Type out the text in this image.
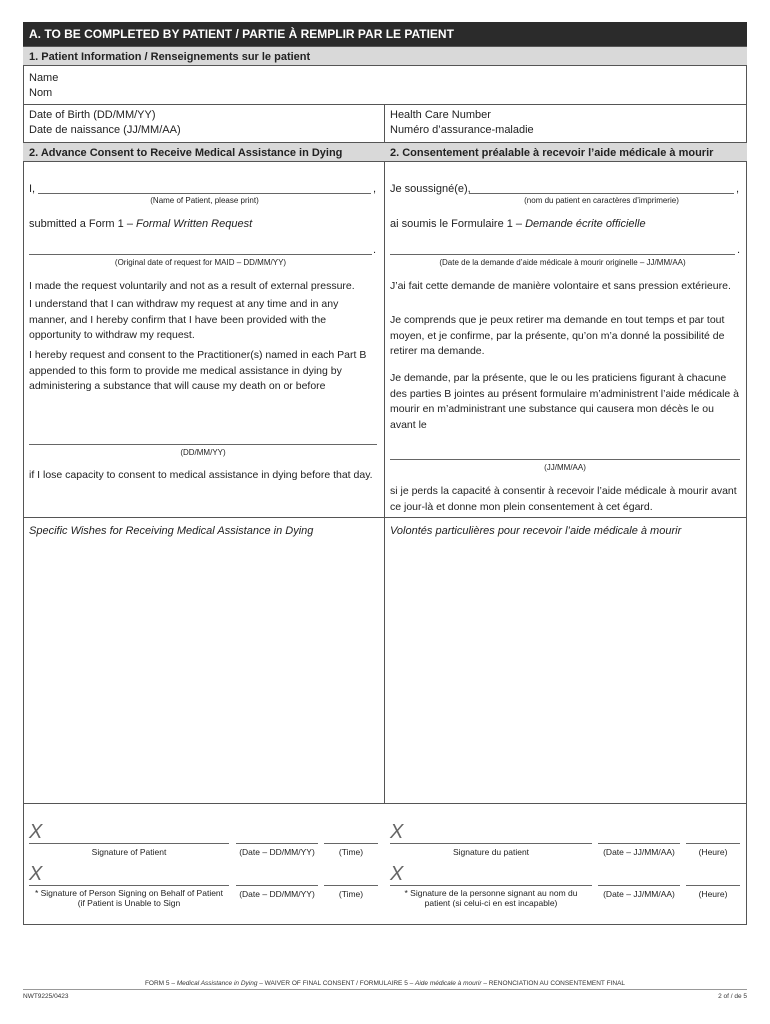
A. TO BE COMPLETED BY PATIENT / PARTIE À REMPLIR PAR LE PATIENT
1. Patient Information / Renseignements sur le patient
Name
Nom
Date of Birth (DD/MM/YY)
Date de naissance (JJ/MM/AA)
Health Care Number
Numéro d’assurance-maladie
2. Advance Consent to Receive Medical Assistance in Dying	2. Consentement préalable à recevoir l’aide médicale à mourir
I,	,
(Name of Patient, please print)
Je soussigné(e),	,
(nom du patient en caractères d’imprimerie)
submitted a Form 1 – Formal Written Request
.
(Original date of request for MAID – DD/MM/YY)
ai soumis le Formulaire 1 – Demande écrite officielle
.
(Date de la demande d’aide médicale à mourir originelle – JJ/MM/AA)
I made the request voluntarily and not as a result of external pressure.
I understand that I can withdraw my request at any time and in any manner, and I hereby confirm that I have been provided with the opportunity to withdraw my request.
I hereby request and consent to the Practitioner(s) named in each Part B appended to this form to provide me medical assistance in dying by administering a substance that will cause my death on or before
(DD/MM/YY)
if I lose capacity to consent to medical assistance in dying before that day.
J’ai fait cette demande de manière volontaire et sans pression extérieure.
Je comprends que je peux retirer ma demande en tout temps et par tout moyen, et je confirme, par la présente, qu’on m’a donné la possibilité de retirer ma demande.
Je demande, par la présente, que le ou les praticiens figurant à chacune des parties B jointes au présent formulaire m’administrent l’aide médicale à mourir en m’administrant une substance qui causera mon décès le ou avant le
(JJ/MM/AA)
si je perds la capacité à consentir à recevoir l’aide médicale à mourir avant ce jour-là et donne mon plein consentement à cet égard.
Specific Wishes for Receiving Medical Assistance in Dying	Volontés particulières pour recevoir l’aide médicale à mourir
X
Signature of Patient	(Date – DD/MM/YY)	(Time)
X
* Signature of Person Signing on Behalf of Patient (if Patient is Unable to Sign
(Date – DD/MM/YY)	(Time)
X
Signature du patient	(Date – JJ/MM/AA)	(Heure)
X
* Signature de la personne signant au nom du patient (si celui-ci en est incapable)
(Date – JJ/MM/AA)	(Heure)
FORM 5 – Medical Assistance in Dying – WAIVER OF FINAL CONSENT / FORMULAIRE 5 – Aide médicale à mourir – RENONCIATION AU CONSENTEMENT FINAL
NWT9225/0423	2 of / de 5
